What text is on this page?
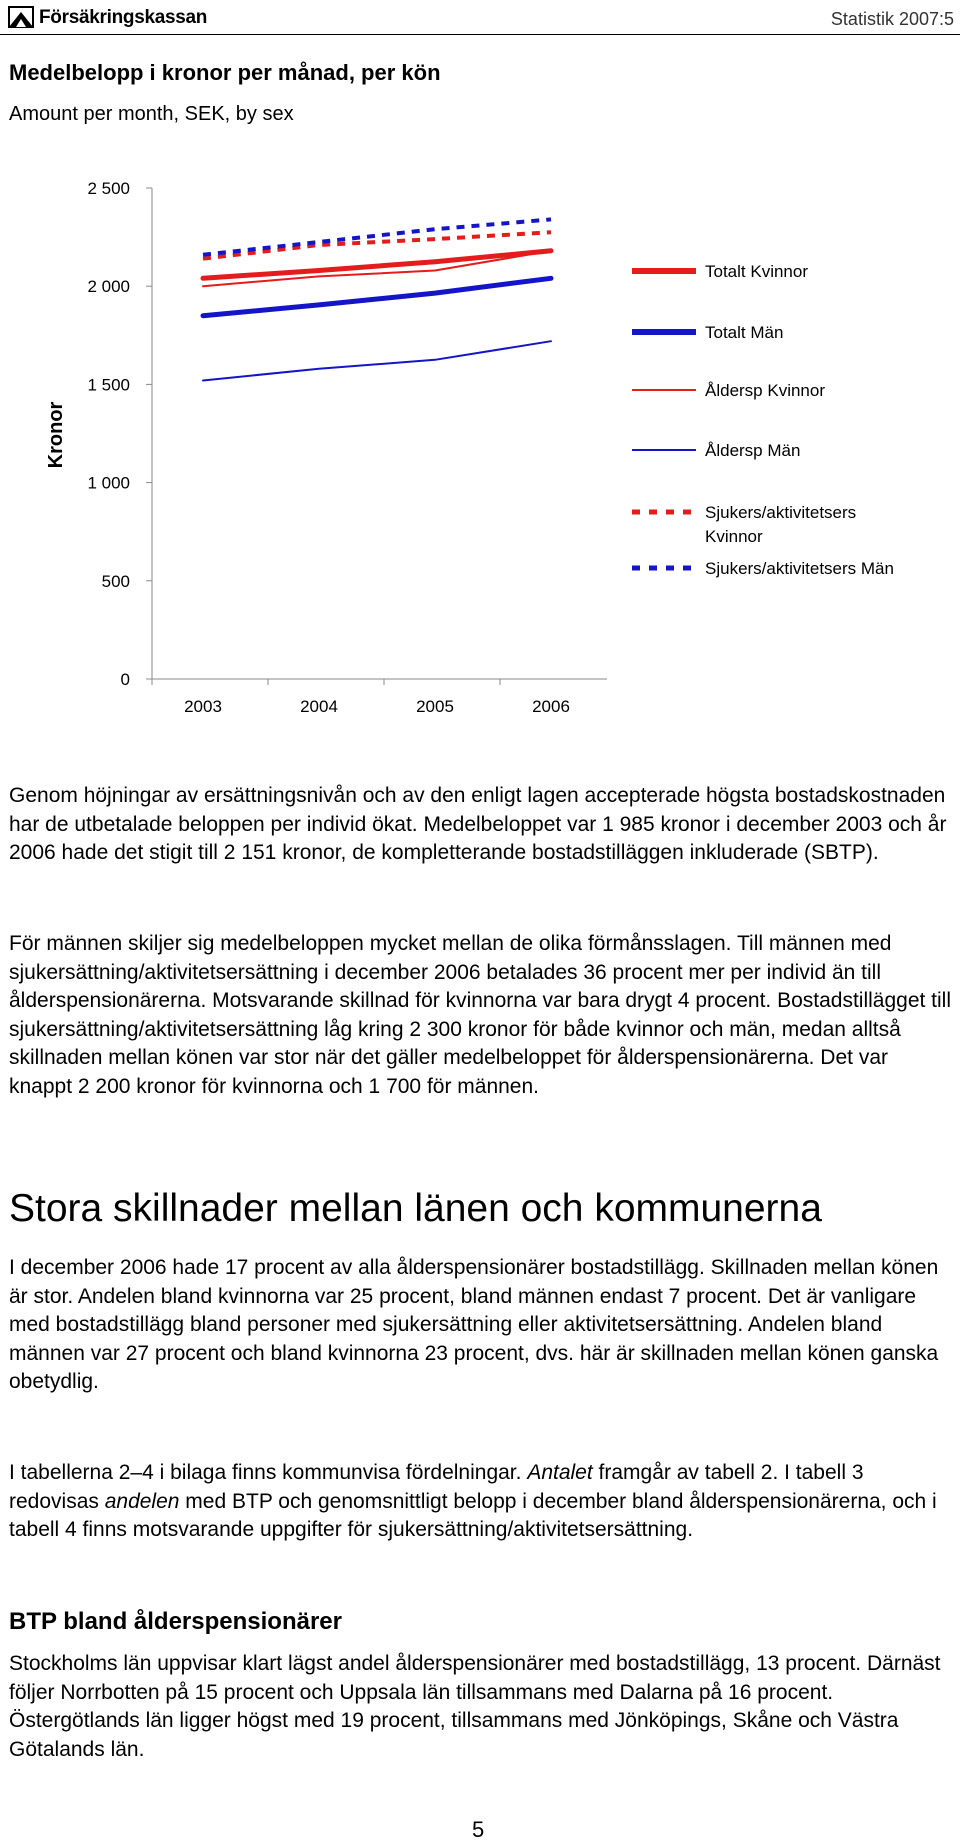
Försäkringskassan	Statistik 2007:5
Medelbelopp i kronor per månad, per kön
Amount per month, SEK, by sex
0
500
1 000
1 500
2 000
2 500
2003	2004	2005	2006
Kronor
Totalt Kvinnor
Totalt Män
Åldersp Kvinnor
Åldersp Män
Sjukers/aktivitetsers
Kvinnor
Sjukers/aktivitetsers Män

Genom höjningar av ersättningsnivån och av den enligt lagen accepterade högsta bostadskostnaden har de utbetalade beloppen per individ ökat. Medelbeloppet var 1 985 kronor i december 2003 och år 2006 hade det stigit till 2 151 kronor, de kompletterande bostadstilläggen inkluderade (SBTP).

För männen skiljer sig medelbeloppen mycket mellan de olika förmånsslagen. Till männen med sjukersättning/aktivitetsersättning i december 2006 betalades 36 procent mer per individ än till ålderspensionärerna. Motsvarande skillnad för kvinnorna var bara drygt 4 procent. Bostadstillägget till sjukersättning/aktivitetsersättning låg kring 2 300 kronor för både kvinnor och män, medan alltså skillnaden mellan könen var stor när det gäller medelbeloppet för ålderspensionärerna. Det var knappt 2 200 kronor för kvinnorna och 1 700 för männen.

Stora skillnader mellan länen och kommunerna

I december 2006 hade 17 procent av alla ålderspensionärer bostadstillägg. Skillnaden mellan könen är stor. Andelen bland kvinnorna var 25 procent, bland männen endast 7 procent. Det är vanligare med bostadstillägg bland personer med sjukersättning eller aktivitetsersättning. Andelen bland männen var 27 procent och bland kvinnorna 23 procent, dvs. här är skillnaden mellan könen ganska obetydlig.

I tabellerna 2–4 i bilaga finns kommunvisa fördelningar. Antalet framgår av tabell 2. I tabell 3 redovisas andelen med BTP och genomsnittligt belopp i december bland ålderspensionärerna, och i tabell 4 finns motsvarande uppgifter för sjukersättning/aktivitetsersättning.

BTP bland ålderspensionärer

Stockholms län uppvisar klart lägst andel ålderspensionärer med bostadstillägg, 13 procent. Därnäst följer Norrbotten på 15 procent och Uppsala län tillsammans med Dalarna på 16 procent. Östergötlands län ligger högst med 19 procent, tillsammans med Jönköpings, Skåne och Västra Götalands län.

5
